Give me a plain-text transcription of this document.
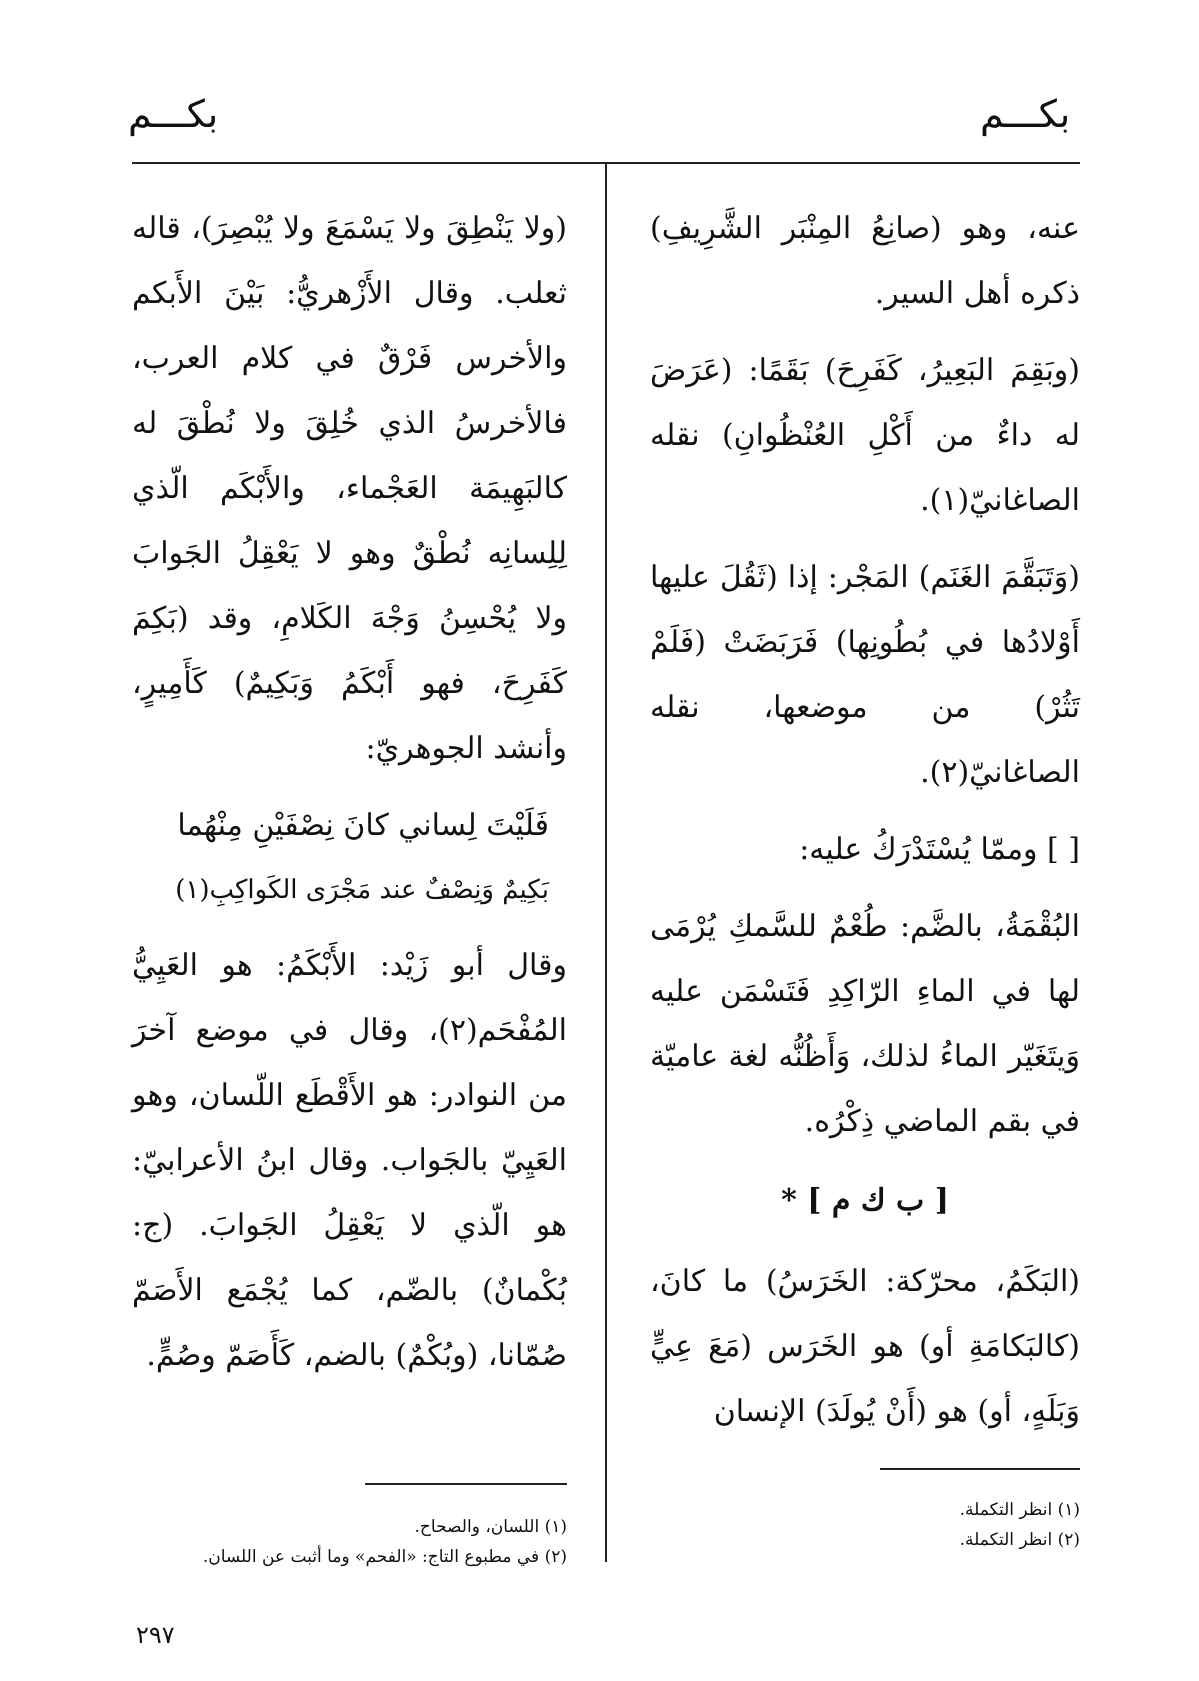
بكـــم
بكـــم

عنه، وهو (صانِعُ المِنْبَر الشَّرِيفِ) ذكره أهل السير.

(وبَقِمَ البَعِيرُ، كَفَرِحَ) بَقَمًا: (عَرَضَ له داءٌ من أَكْلِ العُنْظُوانِ) نقله الصاغانيّ(١).

(وَتَبَقَّمَ الغَنَم) المَجْر: إذا (ثَقُلَ عليها أَوْلادُها في بُطُونِها) فَرَبَضَتْ (فَلَمْ تَثُرْ) من موضعها، نقله الصاغانيّ(٢).

[ ] وممّا يُسْتَدْرَكُ عليه:

البُقْمَةُ، بالضَّم: طُعْمٌ للسَّمكِ يُرْمَى لها في الماءِ الرّاكِدِ فَتَسْمَن عليه وَيتَغَيّر الماءُ لذلك، وَأَظُنُّه لغة عاميّة في بقم الماضي ذِكْرُه.

[ ب ك م ] *

(البَكَمُ، محرّكة: الخَرَسُ) ما كانَ، (كالبَكامَةِ أو) هو الخَرَس (مَعَ عِيٍّ وَبَلَهٍ، أو) هو (أَنْ يُولَدَ) الإنسان

(ولا يَنْطِقَ ولا يَسْمَعَ ولا يُبْصِرَ)، قاله ثعلب. وقال الأَزْهريُّ: بَيْنَ الأَبكم والأخرس فَرْقٌ في كلام العرب، فالأخرسُ الذي خُلِقَ ولا نُطْقَ له كالبَهِيمَة العَجْماء، والأَبْكَم الّذي لِلِسانِه نُطْقٌ وهو لا يَعْقِلُ الجَوابَ ولا يُحْسِنُ وَجْهَ الكَلامِ، وقد (بَكِمَ كَفَرِحَ، فهو أَبْكَمُ وَبَكِيمٌ) كَأَمِيرٍ، وأنشد الجوهريّ:

فَلَيْتَ لِساني كانَ نِصْفَيْنِ مِنْهُما
بَكِيمٌ وَنِصْفٌ عند مَجْرَى الكَواكِبِ(١)

وقال أبو زَيْد: الأَبْكَمُ: هو العَيِيُّ المُفْحَم(٢)، وقال في موضع آخرَ من النوادر: هو الأَقْطَع اللّسان، وهو العَيِيّ بالجَواب. وقال ابنُ الأعرابيّ: هو الّذي لا يَعْقِلُ الجَوابَ. (ج: بُكْمانٌ) بالضّم، كما يُجْمَع الأَصَمّ صُمّانا، (وبُكْمٌ) بالضم، كَأَصَمّ وصُمٍّ.

(١) انظر التكملة.
(٢) انظر التكملة.
(١) اللسان، والصحاح.
(٢) في مطبوع التاج: «الفحم» وما أثبت عن اللسان.
٢٩٧
